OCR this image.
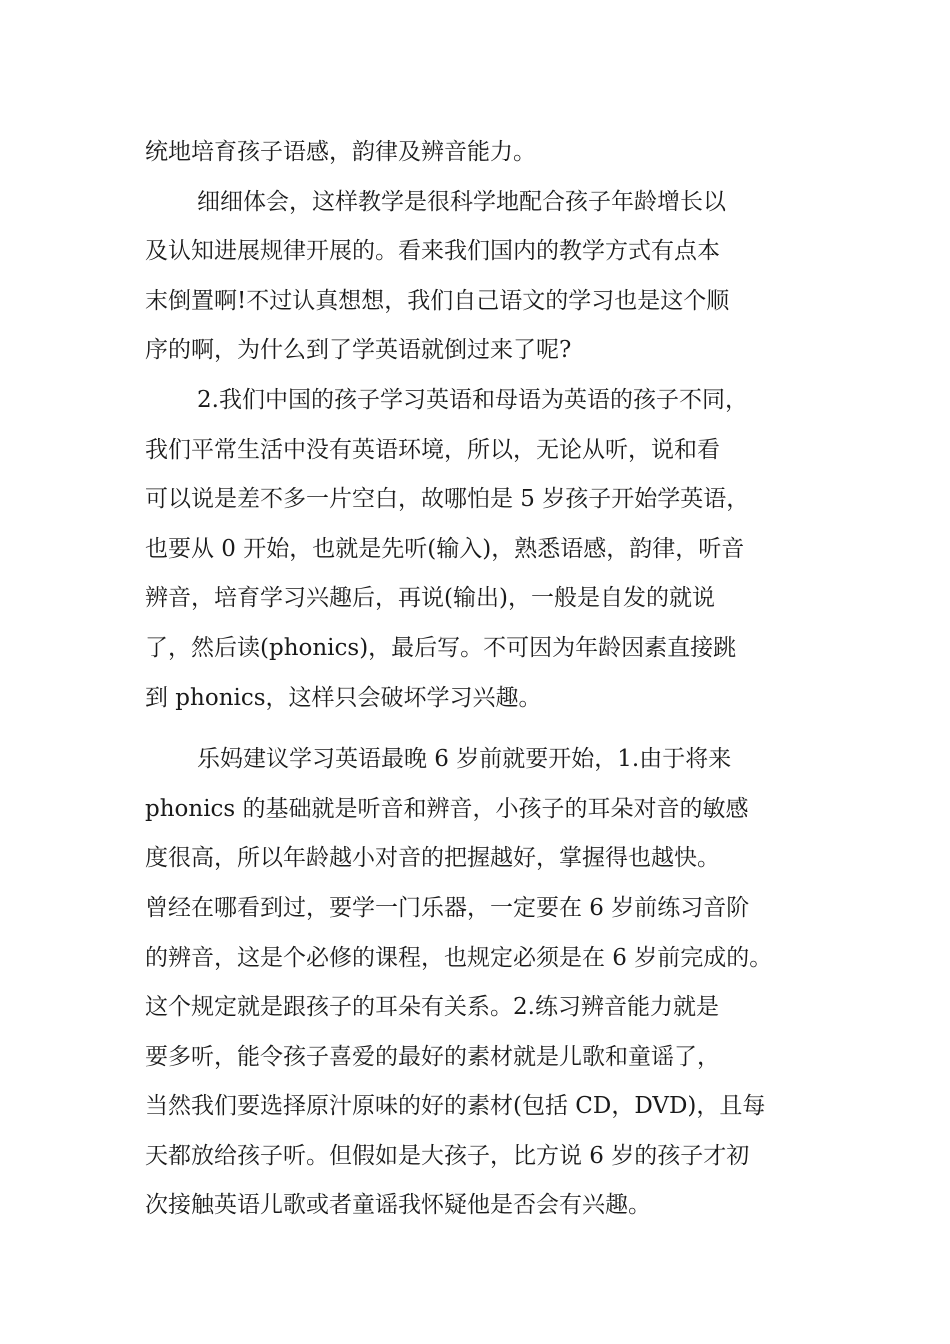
统地培育孩子语感，韵律及辨音能力。
细细体会，这样教学是很科学地配合孩子年龄增长以
及认知进展规律开展的。看来我们国内的教学方式有点本
末倒置啊!不过认真想想，我们自己语文的学习也是这个顺
序的啊，为什么到了学英语就倒过来了呢?
2.我们中国的孩子学习英语和母语为英语的孩子不同，
我们平常生活中没有英语环境，所以，无论从听，说和看
可以说是差不多一片空白，故哪怕是 5 岁孩子开始学英语，
也要从 0 开始，也就是先听(输入)，熟悉语感，韵律，听音
辨音，培育学习兴趣后，再说(输出)，一般是自发的就说
了，然后读(phonics)，最后写。不可因为年龄因素直接跳
到 phonics，这样只会破坏学习兴趣。
乐妈建议学习英语最晚 6 岁前就要开始，1.由于将来
phonics 的基础就是听音和辨音，小孩子的耳朵对音的敏感
度很高，所以年龄越小对音的把握越好，掌握得也越快。
曾经在哪看到过，要学一门乐器，一定要在 6 岁前练习音阶
的辨音，这是个必修的课程，也规定必须是在 6 岁前完成的。
这个规定就是跟孩子的耳朵有关系。2.练习辨音能力就是
要多听，能令孩子喜爱的最好的素材就是儿歌和童谣了，
当然我们要选择原汁原味的好的素材(包括 CD，DVD)，且每
天都放给孩子听。但假如是大孩子，比方说 6 岁的孩子才初
次接触英语儿歌或者童谣我怀疑他是否会有兴趣。
